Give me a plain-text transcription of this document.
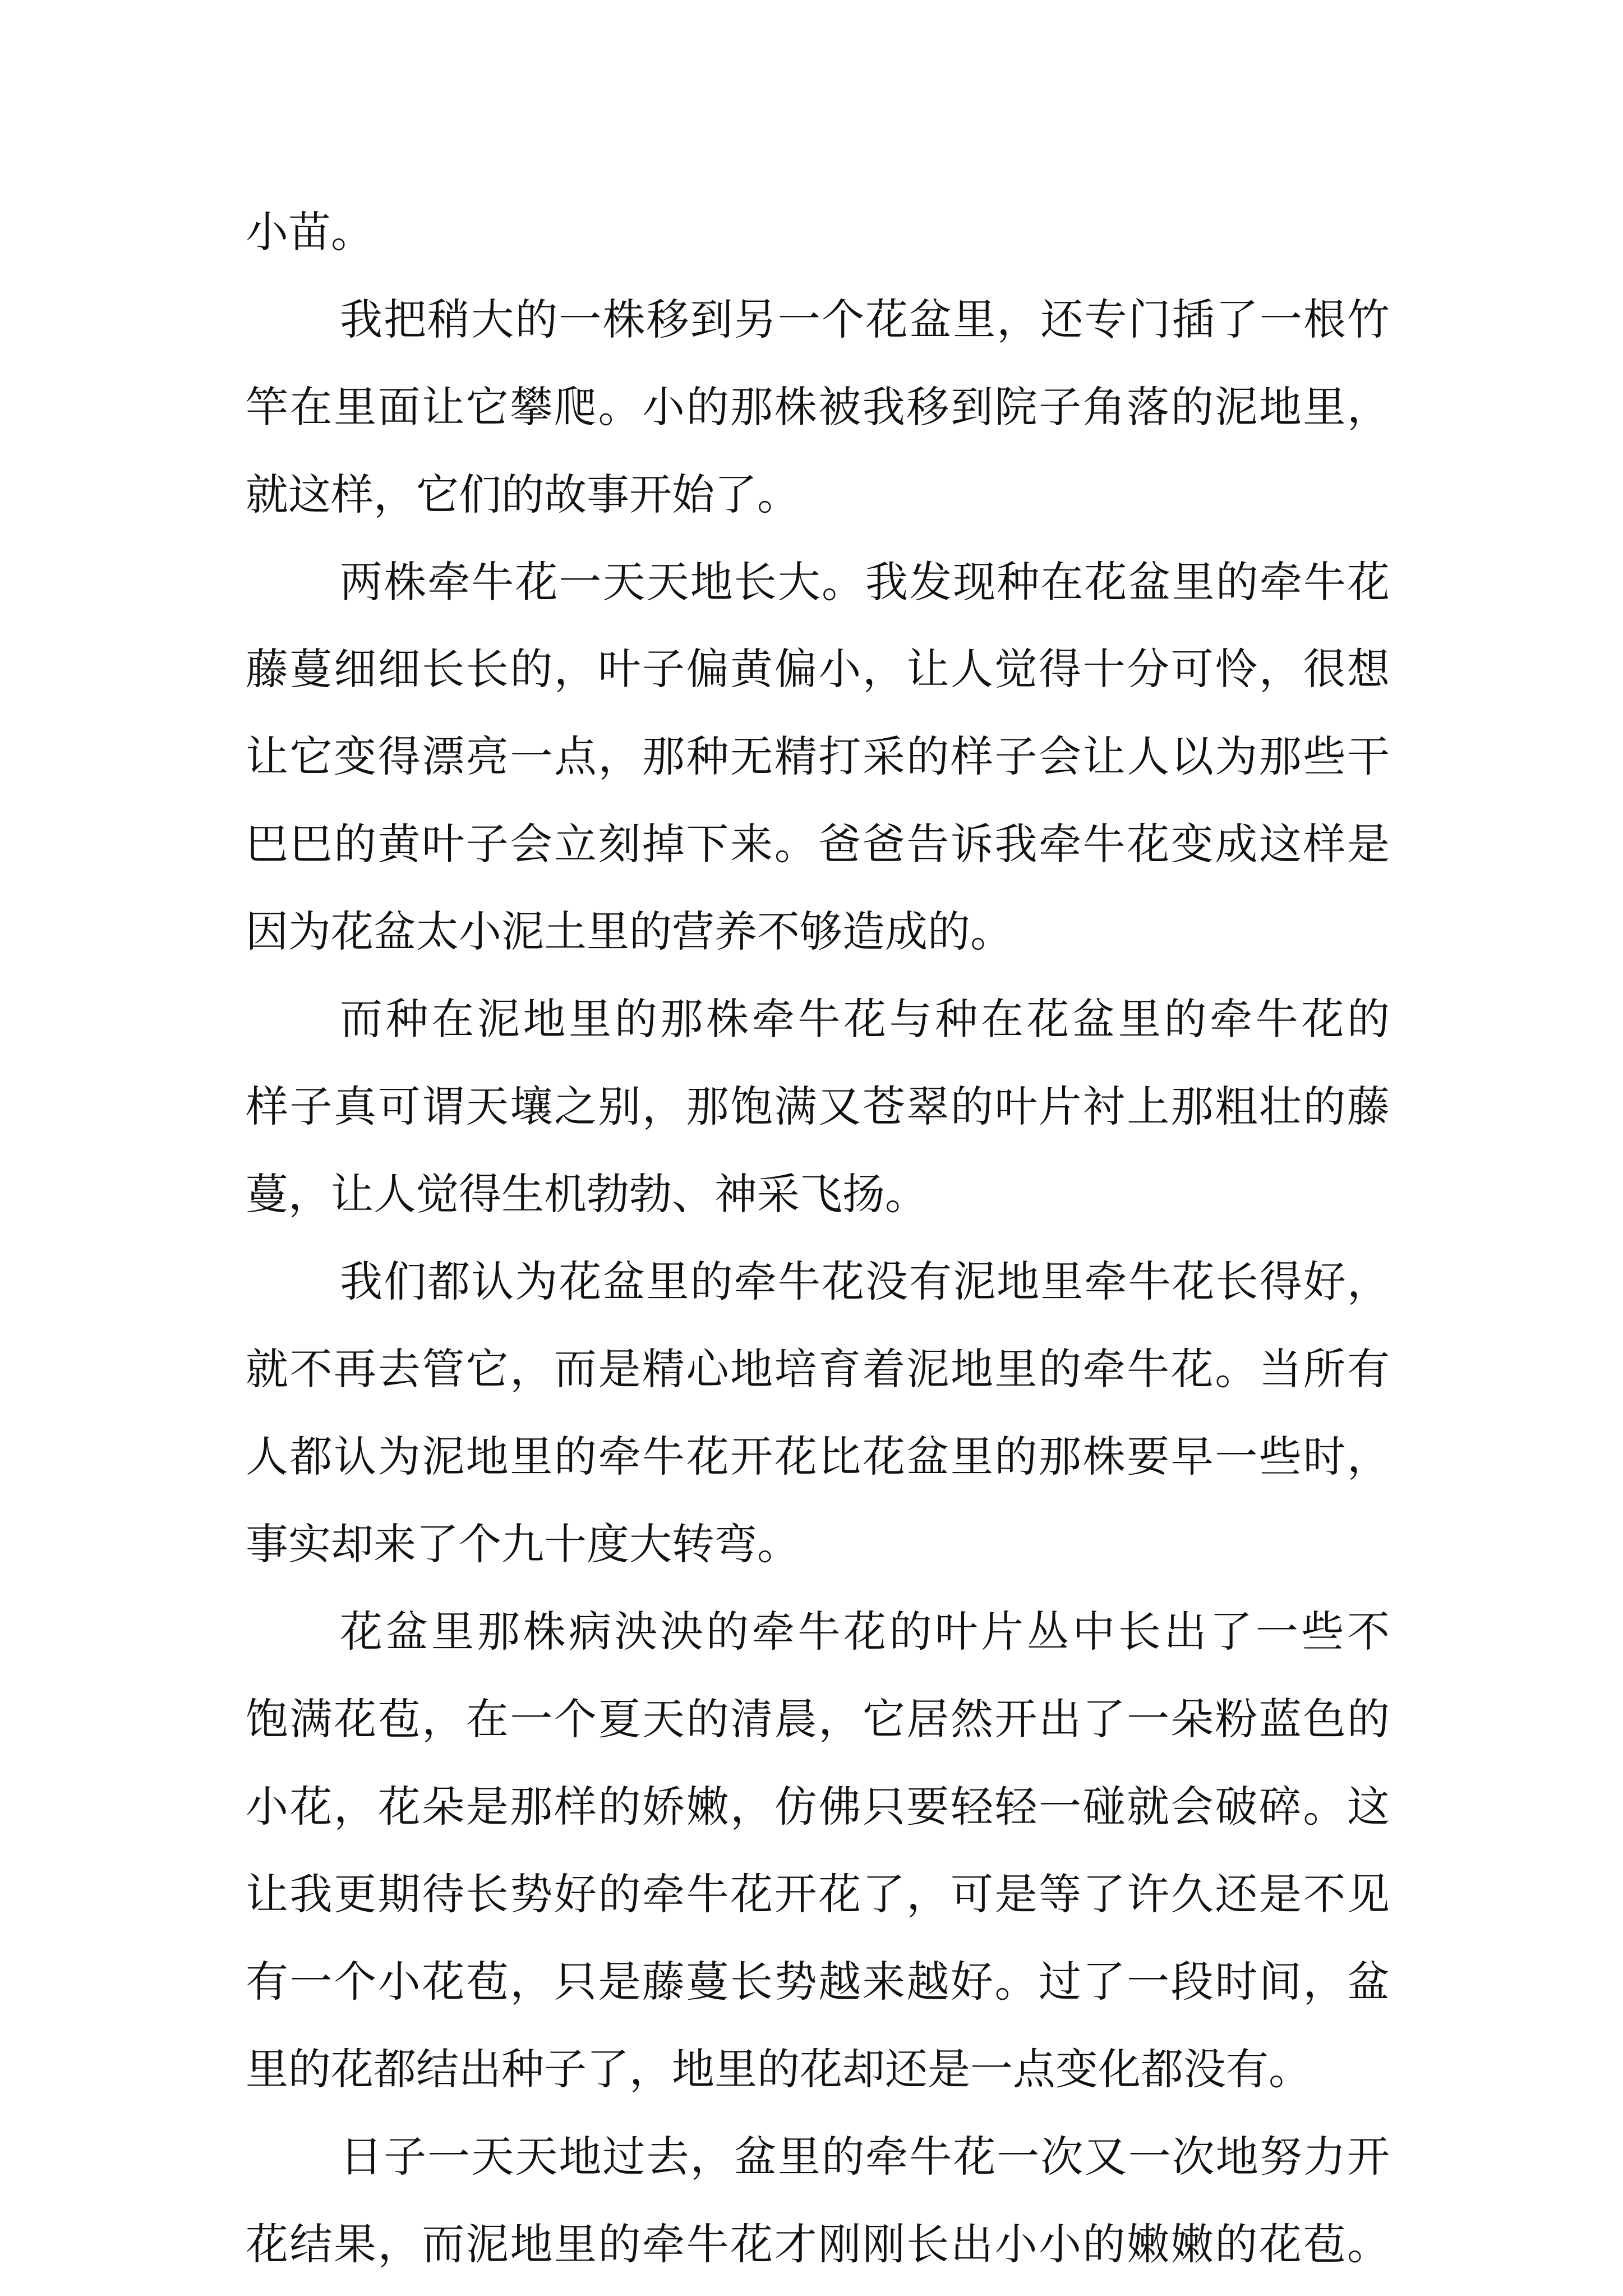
小苗。
我把稍大的一株移到另一个花盆里，还专门插了一根竹
竿在里面让它攀爬。小的那株被我移到院子角落的泥地里，
就这样，它们的故事开始了。
两株牵牛花一天天地长大。我发现种在花盆里的牵牛花
藤蔓细细长长的，叶子偏黄偏小，让人觉得十分可怜，很想
让它变得漂亮一点，那种无精打采的样子会让人以为那些干
巴巴的黄叶子会立刻掉下来。爸爸告诉我牵牛花变成这样是
因为花盆太小泥土里的营养不够造成的。
而种在泥地里的那株牵牛花与种在花盆里的牵牛花的
样子真可谓天壤之别，那饱满又苍翠的叶片衬上那粗壮的藤
蔓，让人觉得生机勃勃、神采飞扬。
我们都认为花盆里的牵牛花没有泥地里牵牛花长得好，
就不再去管它，而是精心地培育着泥地里的牵牛花。当所有
人都认为泥地里的牵牛花开花比花盆里的那株要早一些时，
事实却来了个九十度大转弯。
花盆里那株病泱泱的牵牛花的叶片丛中长出了一些不
饱满花苞，在一个夏天的清晨，它居然开出了一朵粉蓝色的
小花，花朵是那样的娇嫩，仿佛只要轻轻一碰就会破碎。这
让我更期待长势好的牵牛花开花了，可是等了许久还是不见
有一个小花苞，只是藤蔓长势越来越好。过了一段时间，盆
里的花都结出种子了，地里的花却还是一点变化都没有。
日子一天天地过去，盆里的牵牛花一次又一次地努力开
花结果，而泥地里的牵牛花才刚刚长出小小的嫩嫩的花苞。
